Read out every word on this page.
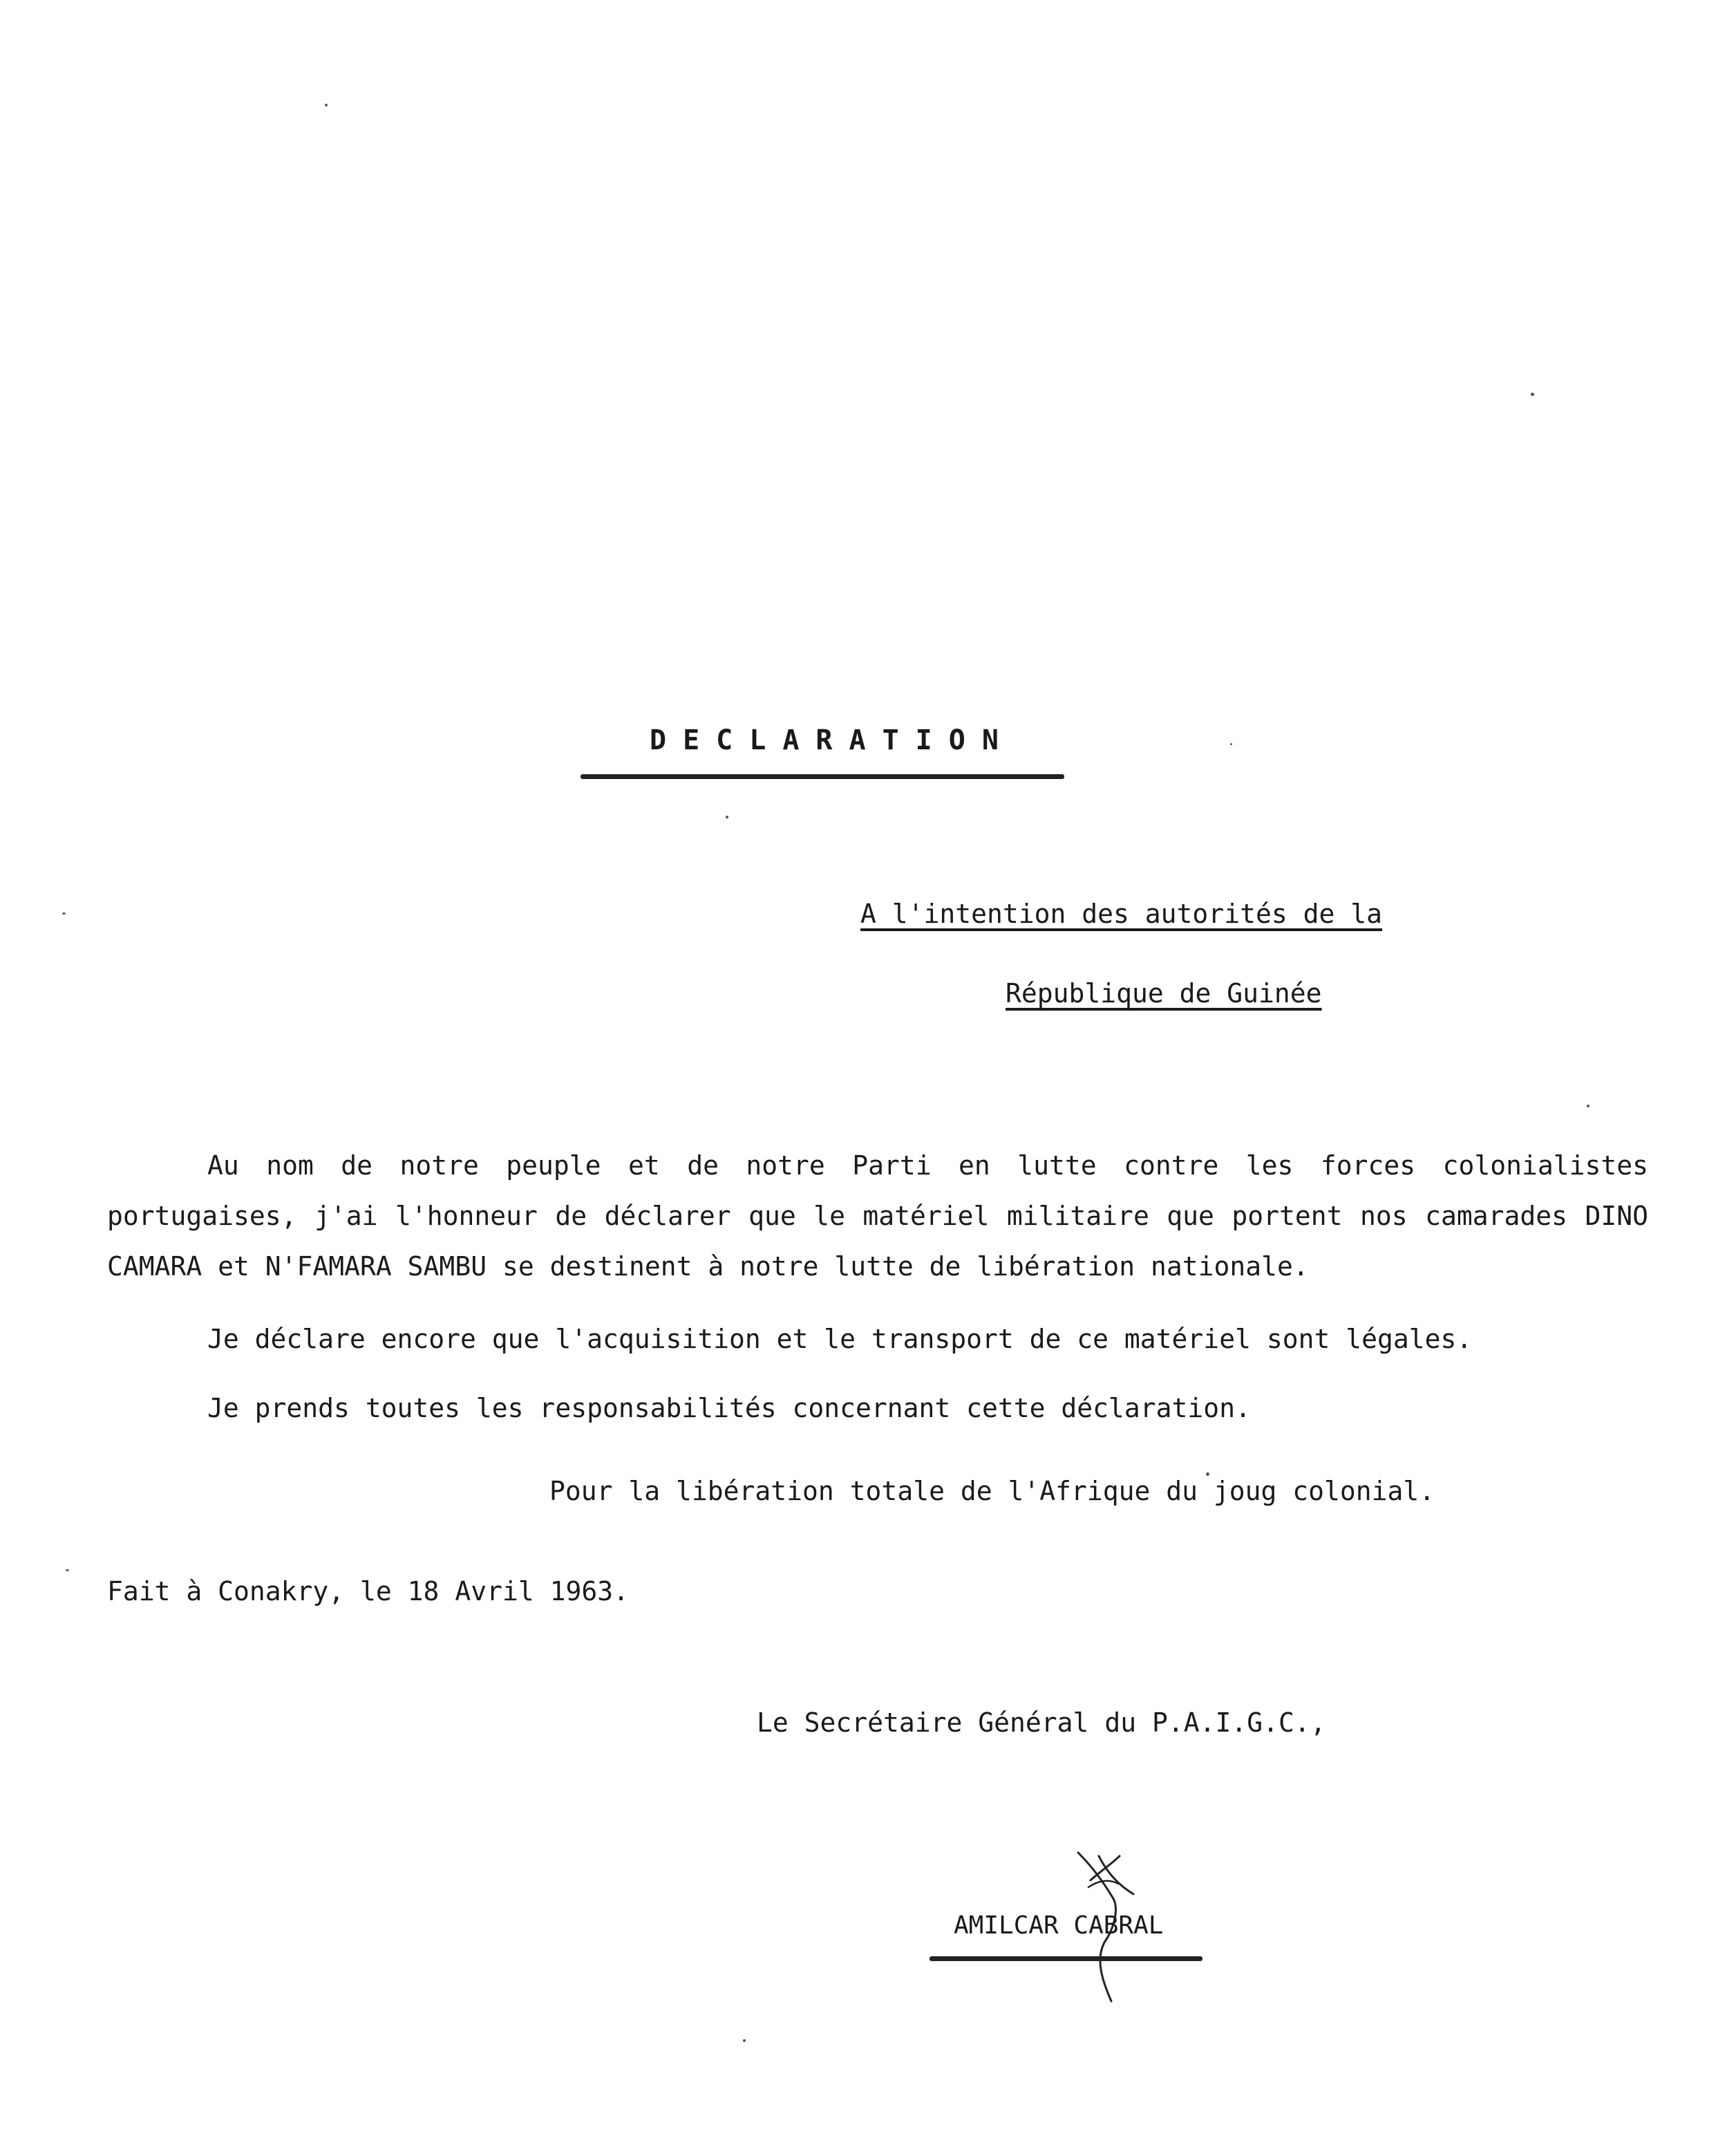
DECLARATION
A l'intention des autorités de la
République de Guinée
Au nom de notre peuple et de notre Parti en lutte contre les forces colonialistes portugaises, j'ai l'honneur de déclarer que le matériel militaire que portent nos camarades DINO CAMARA et N'FAMARA SAMBU se destinent à notre lutte de libération nationale.
Je déclare encore que l'acquisition et le transport de ce matériel sont légales.
Je prends toutes les responsabilités concernant cette déclaration.
Pour la libération totale de l'Afrique du joug colonial.
Fait à Conakry, le 18 Avril 1963.
Le Secrétaire Général du P.A.I.G.C.,
AMILCAR CABRAL
